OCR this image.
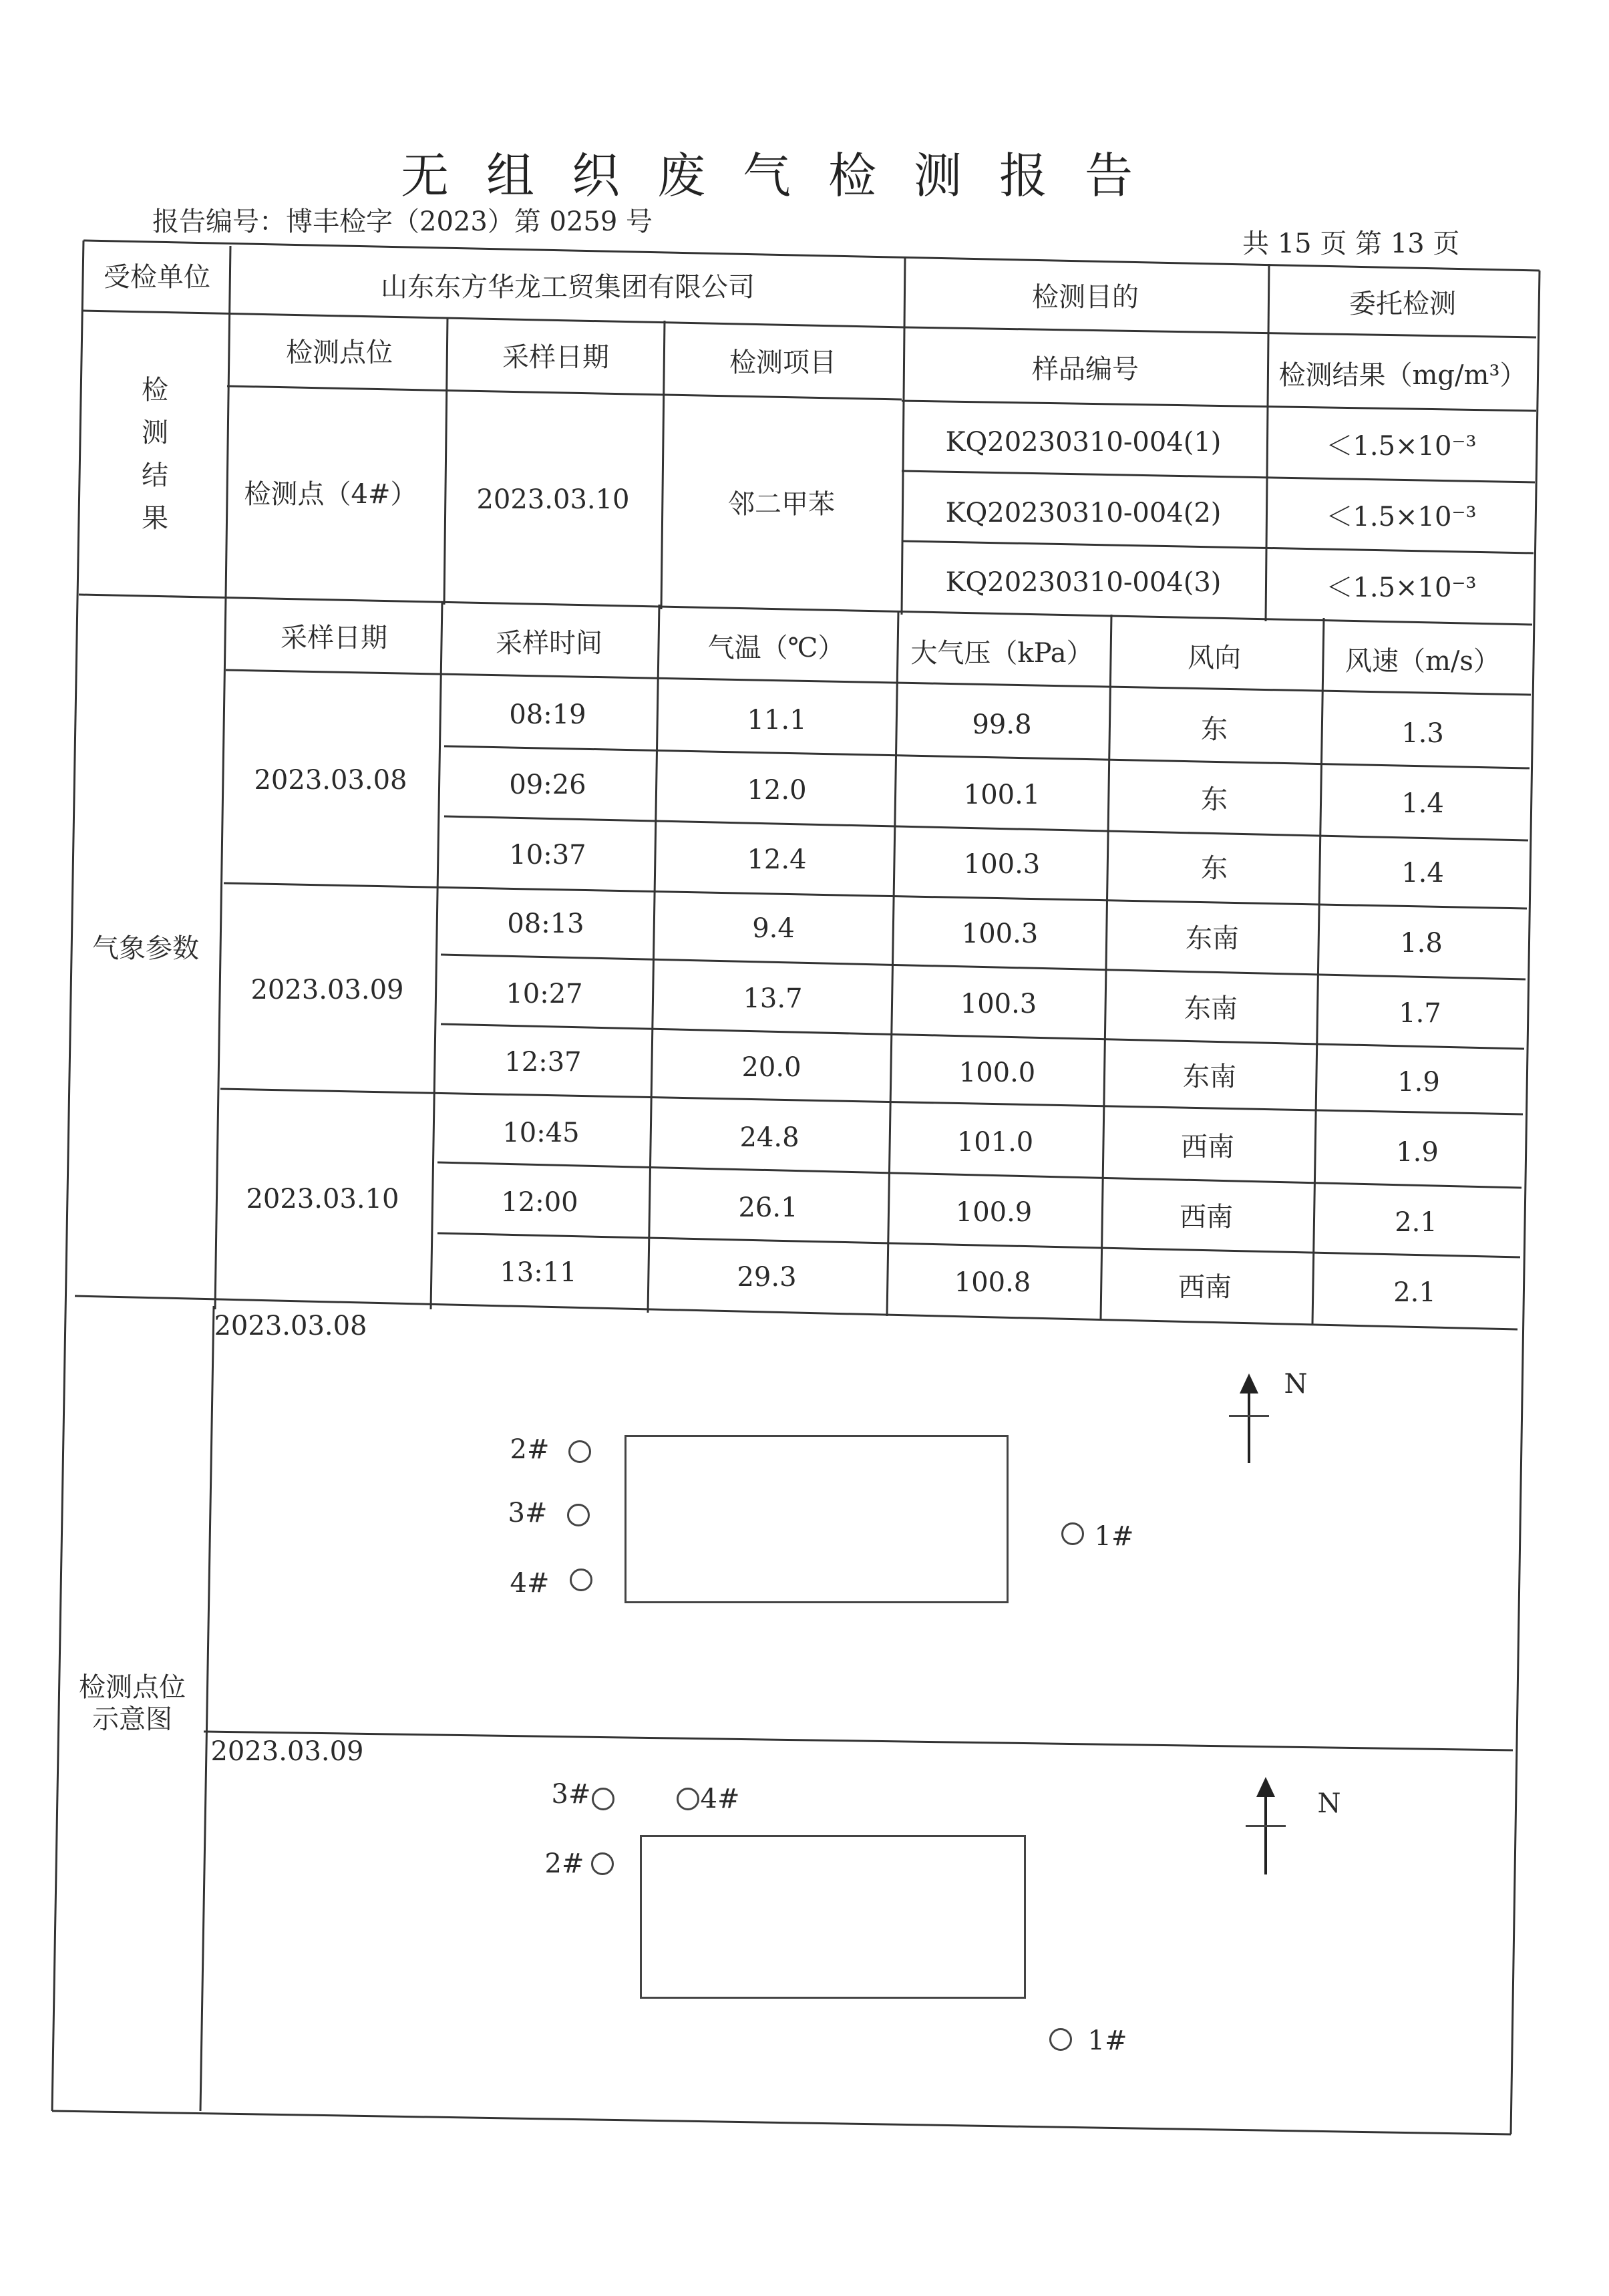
无组织废气检测报告
报告编号：博丰检字（2023）第 0259 号
共 15 页 第 13 页
受检单位	山东东方华龙工贸集团有限公司	检测目的	委托检测
检测结果
检测点位	采样日期	检测项目	样品编号	检测结果（mg/m³）
检测点（4#） 2023.03.10	邻二甲苯
KQ20230310-004(1)	＜1.5×10⁻³
KQ20230310-004(2)	＜1.5×10⁻³
KQ20230310-004(3)	＜1.5×10⁻³
气象参数
采样日期	采样时间	气温（℃） 大气压（kPa）	风向	风速（m/s）
2023.03.08
08:19	11.1	99.8	东	1.3
09:26	12.0	100.1	东	1.4
10:37	12.4	100.3	东	1.4
2023.03.09
08:13	9.4	100.3	东南	1.8
10:27	13.7	100.3	东南	1.7
12:37	20.0	100.0	东南	1.9
2023.03.10
10:45	24.8	101.0	西南	1.9
12:00	26.1	100.9	西南	2.1
13:11	29.3	100.8	西南	2.1
检测点位示意图
2023.03.08
2#
3#
4#
1#
N
2023.03.09
3#	4#
2#
1#
N
